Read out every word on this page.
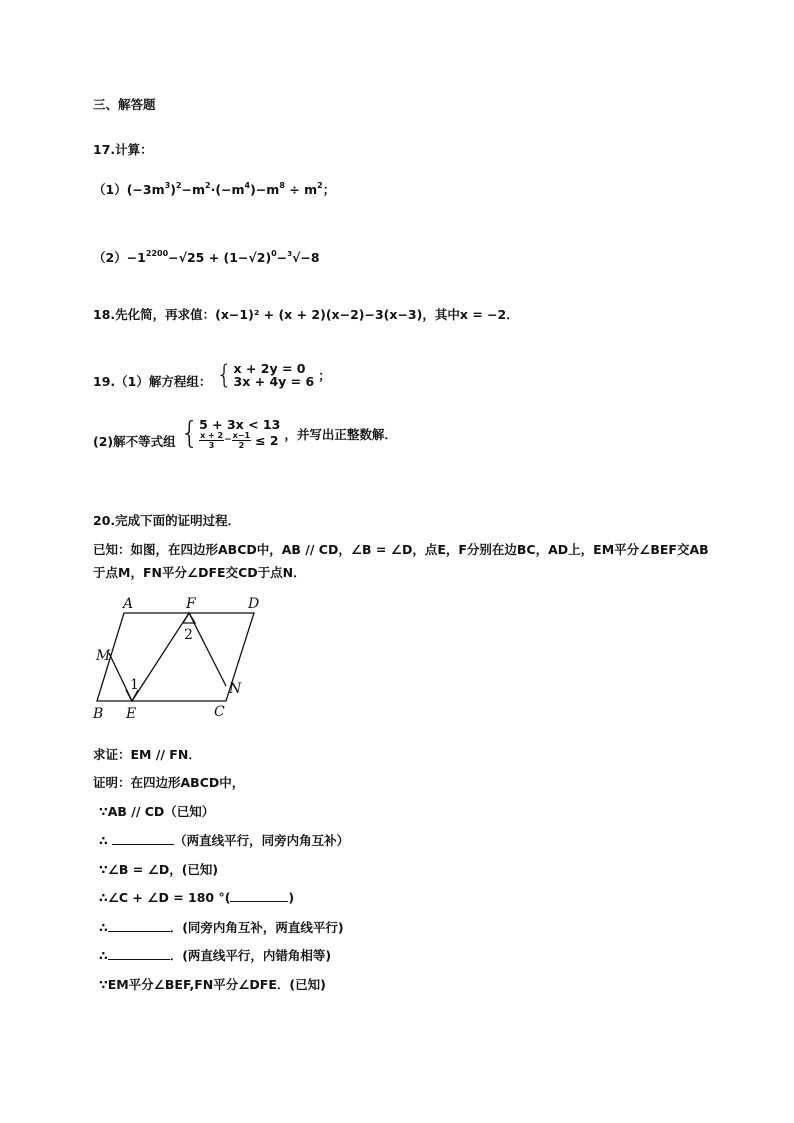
三、解答题
17.计算：
$(1)(-3m^3)^2-m^2\cdot(-m^4)-m^8 \div m^2$；
$(2)-1^{2200}-√25 + (1-√2)^0-^3√-8$
18.先化简，再求值：(x−1)² + (x + 2)(x−2)−3(x−3)，其中x = −2．
19.（1）解方程组： { x + 2y = 0
3x + 4y = 6 ；
(2)解不等式组 { 5 + 3x < 13
$\frac{x + 2}{3} - \frac{x-1}{2} \le 2$ ，并写出正整数解．
20.完成下面的证明过程．
已知：如图，在四边形ABCD中，AB // CD，∠B = ∠D，点E，F分别在边BC，AD上，EM平分∠BEF交AB
于点M，FN平分∠DFE交CD于点N．
A	F	D
M
N
B E	C
1
2
求证：EM // FN．
证明：在四边形ABCD中，
∵AB // CD（已知）
∴	（两直线平行，同旁内角互补）
∵∠B = ∠D，(已知)
∴∠C + ∠D = 180 °(	)
∴	．(同旁内角互补，两直线平行)
∴	．(两直线平行，内错角相等)
∵EM平分∠BEF,FN平分∠DFE．(已知)
